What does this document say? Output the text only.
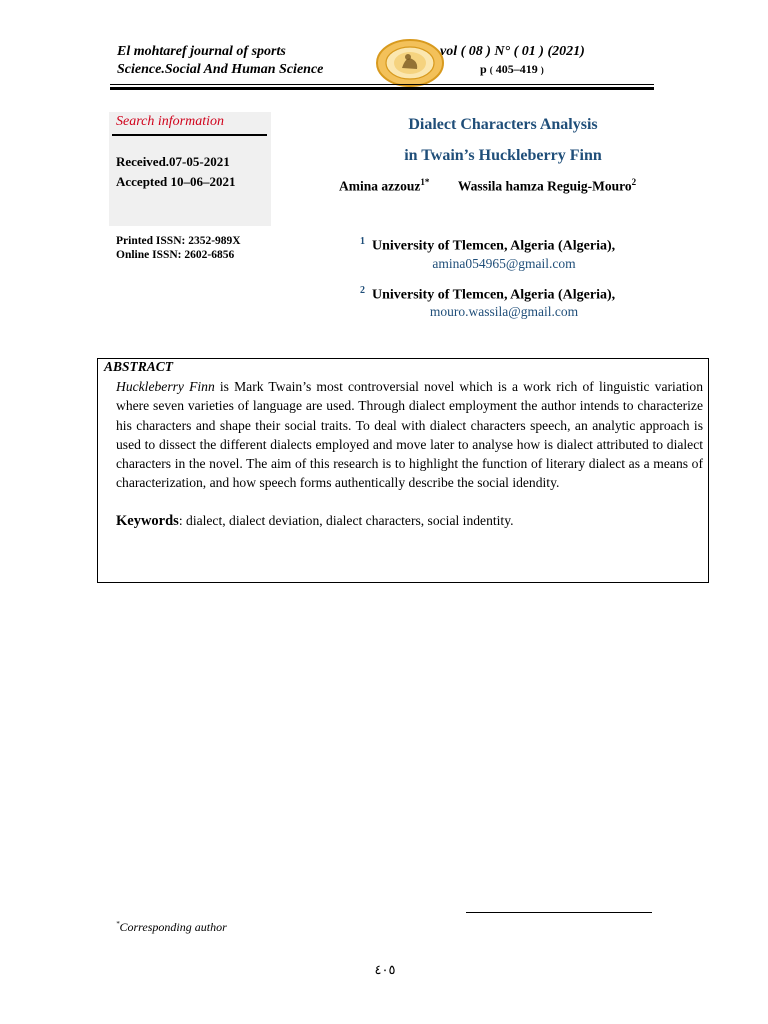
El mohtaref journal of sports
Science.Social And Human Science
vol ( 08 ) N° ( 01 ) (2021)
p ( 405–419 )
Search information
Received.07-05-2021
Accepted 10–06–2021
Printed ISSN: 2352-989X
Online ISSN: 2602-6856
Dialect Characters Analysis
in Twain’s Huckleberry Finn
Amina azzouz$^{1*}$ Wassila hamza Reguig-Mouro$^2$
$^1$ University of Tlemcen, Algeria (Algeria),
amina054965@gmail.com
$^2$ University of Tlemcen, Algeria (Algeria),
mouro.wassila@gmail.com
ABSTRACT
Huckleberry Finn is Mark Twain’s most controversial novel which is a work rich of linguistic variation where seven varieties of language are used. Through dialect employment the author intends to characterize his characters and shape their social traits. To deal with dialect characters speech, an analytic approach is used to dissect the different dialects employed and move later to analyse how is dialect attributed to dialect characters in the novel. The aim of this research is to highlight the function of literary dialect as a means of characterization, and how speech forms authentically describe the social idendity.
Keywords: dialect, dialect deviation, dialect characters, social indentity.
*Corresponding author
٤٠٥
